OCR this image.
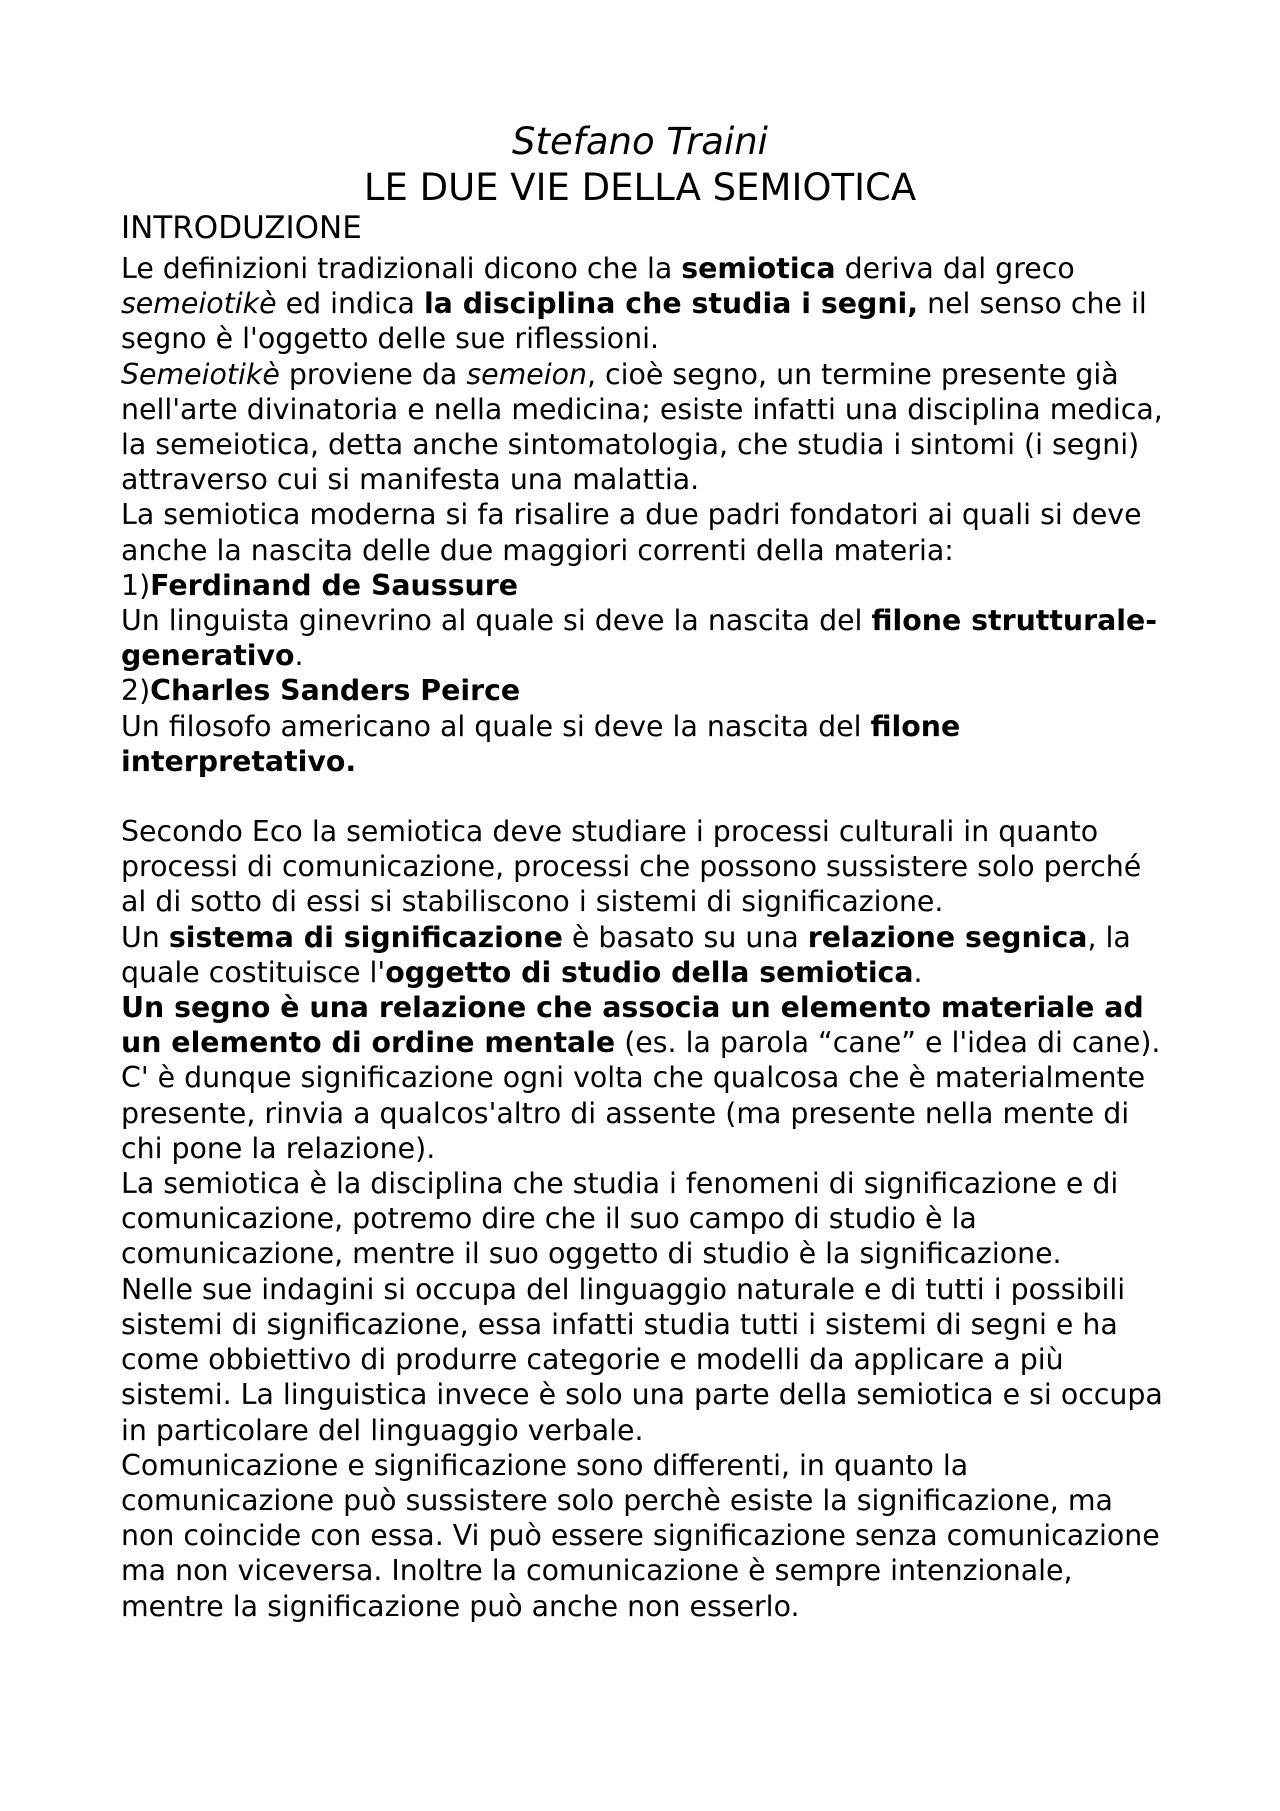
Stefano Traini
LE DUE VIE DELLA SEMIOTICA
INTRODUZIONE

Le definizioni tradizionali dicono che la semiotica deriva dal greco semeiotikè ed indica la disciplina che studia i segni, nel senso che il segno è l'oggetto delle sue riflessioni.

Semeiotikè proviene da semeion, cioè segno, un termine presente già nell'arte divinatoria e nella medicina; esiste infatti una disciplina medica, la semeiotica, detta anche sintomatologia, che studia i sintomi (i segni) attraverso cui si manifesta una malattia.

La semiotica moderna si fa risalire a due padri fondatori ai quali si deve anche la nascita delle due maggiori correnti della materia:

1)Ferdinand de Saussure

Un linguista ginevrino al quale si deve la nascita del filone strutturale-generativo.

2)Charles Sanders Peirce

Un filosofo americano al quale si deve la nascita del filone interpretativo.

Secondo Eco la semiotica deve studiare i processi culturali in quanto processi di comunicazione, processi che possono sussistere solo perché al di sotto di essi si stabiliscono i sistemi di significazione.

Un sistema di significazione è basato su una relazione segnica, la quale costituisce l'oggetto di studio della semiotica.

Un segno è una relazione che associa un elemento materiale ad un elemento di ordine mentale (es. la parola “cane” e l'idea di cane). C' è dunque significazione ogni volta che qualcosa che è materialmente presente, rinvia a qualcos'altro di assente (ma presente nella mente di chi pone la relazione).

La semiotica è la disciplina che studia i fenomeni di significazione e di comunicazione, potremo dire che il suo campo di studio è la comunicazione, mentre il suo oggetto di studio è la significazione.

Nelle sue indagini si occupa del linguaggio naturale e di tutti i possibili sistemi di significazione, essa infatti studia tutti i sistemi di segni e ha come obbiettivo di produrre categorie e modelli da applicare a più sistemi. La linguistica invece è solo una parte della semiotica e si occupa in particolare del linguaggio verbale.

Comunicazione e significazione sono differenti, in quanto la comunicazione può sussistere solo perchè esiste la significazione, ma non coincide con essa. Vi può essere significazione senza comunicazione ma non viceversa. Inoltre la comunicazione è sempre intenzionale, mentre la significazione può anche non esserlo.
